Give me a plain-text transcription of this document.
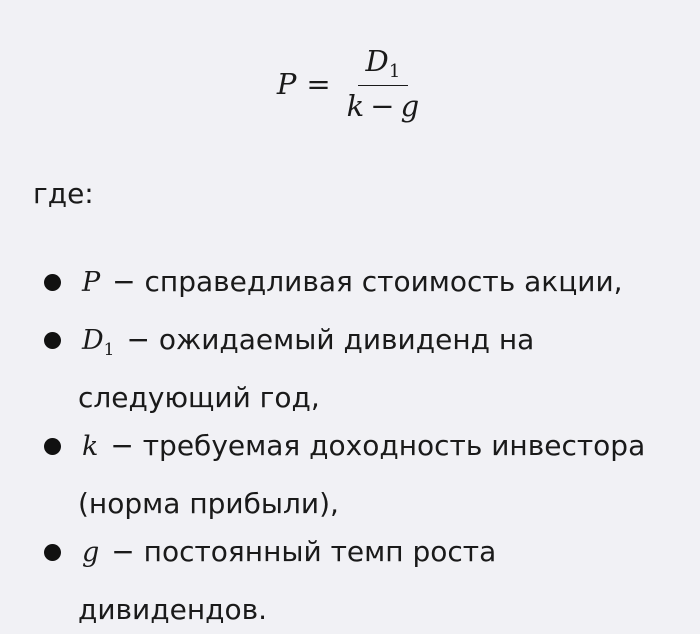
$P = \frac{D_1}{k - g}$
где:
P − справедливая стоимость акции,
$D_1$ − ожидаемый дивиденд на следующий год,
k − требуемая доходность инвестора (норма прибыли),
g − постоянный темп роста дивидендов.
